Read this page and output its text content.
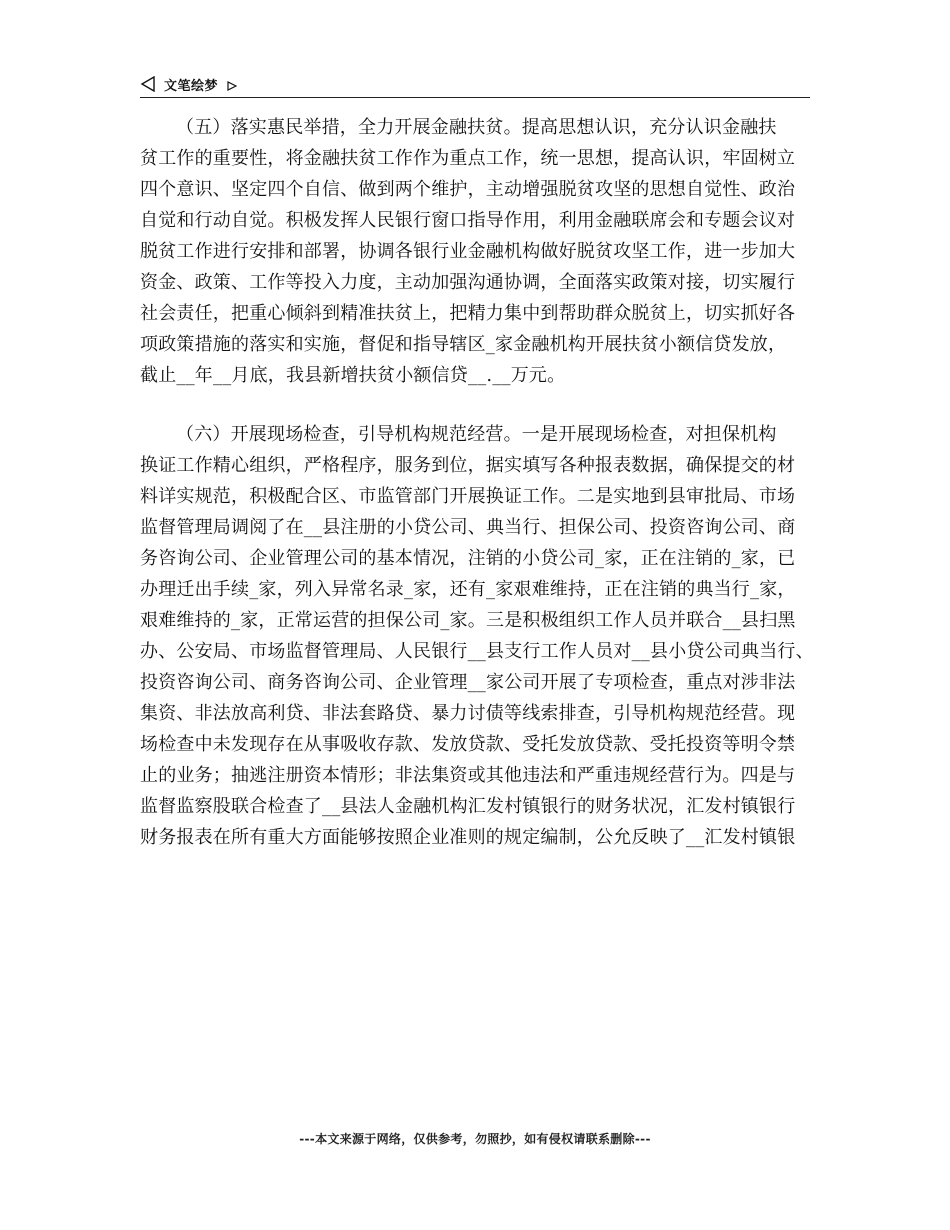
文笔绘梦
（五）落实惠民举措，全力开展金融扶贫。提高思想认识，充分认识金融扶
贫工作的重要性，将金融扶贫工作作为重点工作，统一思想，提高认识，牢固树立
四个意识、坚定四个自信、做到两个维护，主动增强脱贫攻坚的思想自觉性、政治
自觉和行动自觉。积极发挥人民银行窗口指导作用，利用金融联席会和专题会议对
脱贫工作进行安排和部署，协调各银行业金融机构做好脱贫攻坚工作，进一步加大
资金、政策、工作等投入力度，主动加强沟通协调，全面落实政策对接，切实履行
社会责任，把重心倾斜到精准扶贫上，把精力集中到帮助群众脱贫上，切实抓好各
项政策措施的落实和实施，督促和指导辖区_家金融机构开展扶贫小额信贷发放，
截止__年__月底，我县新增扶贫小额信贷__.__万元。
（六）开展现场检查，引导机构规范经营。一是开展现场检查，对担保机构
换证工作精心组织，严格程序，服务到位，据实填写各种报表数据，确保提交的材
料详实规范，积极配合区、市监管部门开展换证工作。二是实地到县审批局、市场
监督管理局调阅了在__县注册的小贷公司、典当行、担保公司、投资咨询公司、商
务咨询公司、企业管理公司的基本情况，注销的小贷公司_家，正在注销的_家，已
办理迁出手续_家，列入异常名录_家，还有_家艰难维持，正在注销的典当行_家，
艰难维持的_家，正常运营的担保公司_家。三是积极组织工作人员并联合__县扫黑
办、公安局、市场监督管理局、人民银行__县支行工作人员对__县小贷公司典当行、
投资咨询公司、商务咨询公司、企业管理__家公司开展了专项检查，重点对涉非法
集资、非法放高利贷、非法套路贷、暴力讨债等线索排查，引导机构规范经营。现
场检查中未发现存在从事吸收存款、发放贷款、受托发放贷款、受托投资等明令禁
止的业务；抽逃注册资本情形；非法集资或其他违法和严重违规经营行为。四是与
监督监察股联合检查了__县法人金融机构汇发村镇银行的财务状况，汇发村镇银行
财务报表在所有重大方面能够按照企业准则的规定编制，公允反映了__汇发村镇银
---本文来源于网络，仅供参考，勿照抄，如有侵权请联系删除---
